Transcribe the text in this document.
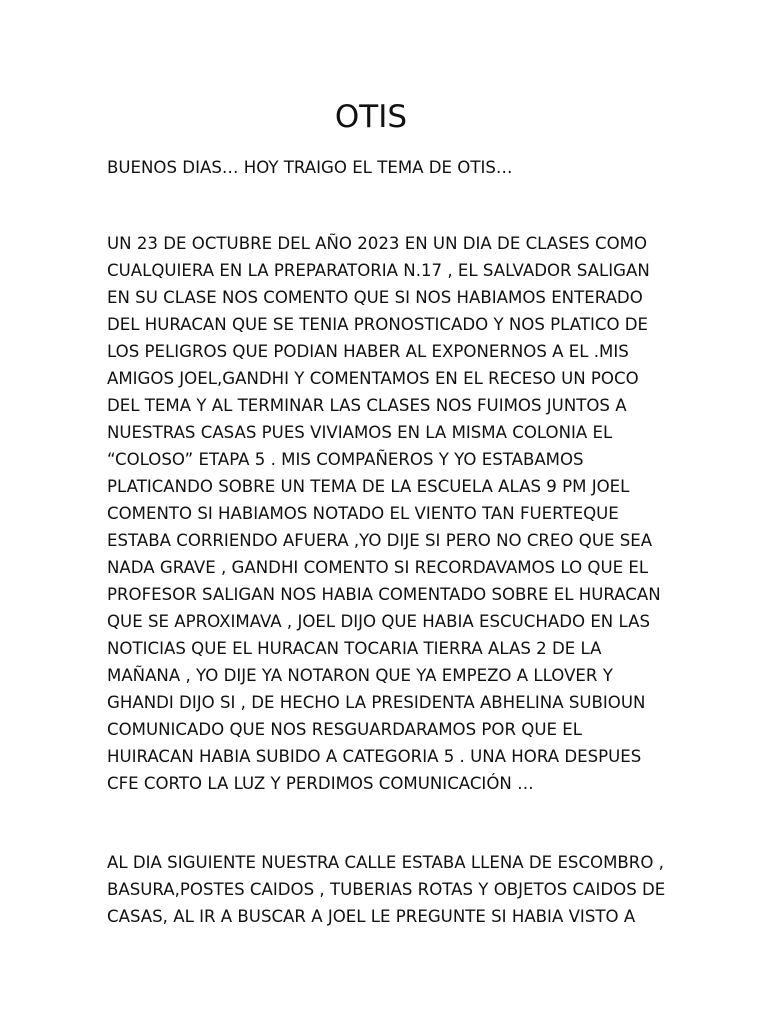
OTIS

BUENOS DIAS… HOY TRAIGO EL TEMA DE OTIS…

UN 23 DE OCTUBRE DEL AÑO 2023 EN UN DIA DE CLASES COMO
CUALQUIERA EN LA PREPARATORIA N.17 , EL SALVADOR SALIGAN
EN SU CLASE NOS COMENTO QUE SI NOS HABIAMOS ENTERADO
DEL HURACAN QUE SE TENIA PRONOSTICADO Y NOS PLATICO DE
LOS PELIGROS QUE PODIAN HABER AL EXPONERNOS A EL .MIS
AMIGOS JOEL,GANDHI Y COMENTAMOS EN EL RECESO UN POCO
DEL TEMA Y AL TERMINAR LAS CLASES NOS FUIMOS JUNTOS A
NUESTRAS CASAS PUES VIVIAMOS EN LA MISMA COLONIA EL
“COLOSO” ETAPA 5 . MIS COMPAÑEROS Y YO ESTABAMOS
PLATICANDO SOBRE UN TEMA DE LA ESCUELA ALAS 9 PM JOEL
COMENTO SI HABIAMOS NOTADO EL VIENTO TAN FUERTEQUE
ESTABA CORRIENDO AFUERA ,YO DIJE SI PERO NO CREO QUE SEA
NADA GRAVE , GANDHI COMENTO SI RECORDAVAMOS LO QUE EL
PROFESOR SALIGAN NOS HABIA COMENTADO SOBRE EL HURACAN
QUE SE APROXIMAVA , JOEL DIJO QUE HABIA ESCUCHADO EN LAS
NOTICIAS QUE EL HURACAN TOCARIA TIERRA ALAS 2 DE LA
MAÑANA , YO DIJE YA NOTARON QUE YA EMPEZO A LLOVER Y
GHANDI DIJO SI , DE HECHO LA PRESIDENTA ABHELINA SUBIOUN
COMUNICADO QUE NOS RESGUARDARAMOS POR QUE EL
HUIRACAN HABIA SUBIDO A CATEGORIA 5 . UNA HORA DESPUES
CFE CORTO LA LUZ Y PERDIMOS COMUNICACIÓN …

AL DIA SIGUIENTE NUESTRA CALLE ESTABA LLENA DE ESCOMBRO ,
BASURA,POSTES CAIDOS , TUBERIAS ROTAS Y OBJETOS CAIDOS DE
CASAS, AL IR A BUSCAR A JOEL LE PREGUNTE SI HABIA VISTO A
